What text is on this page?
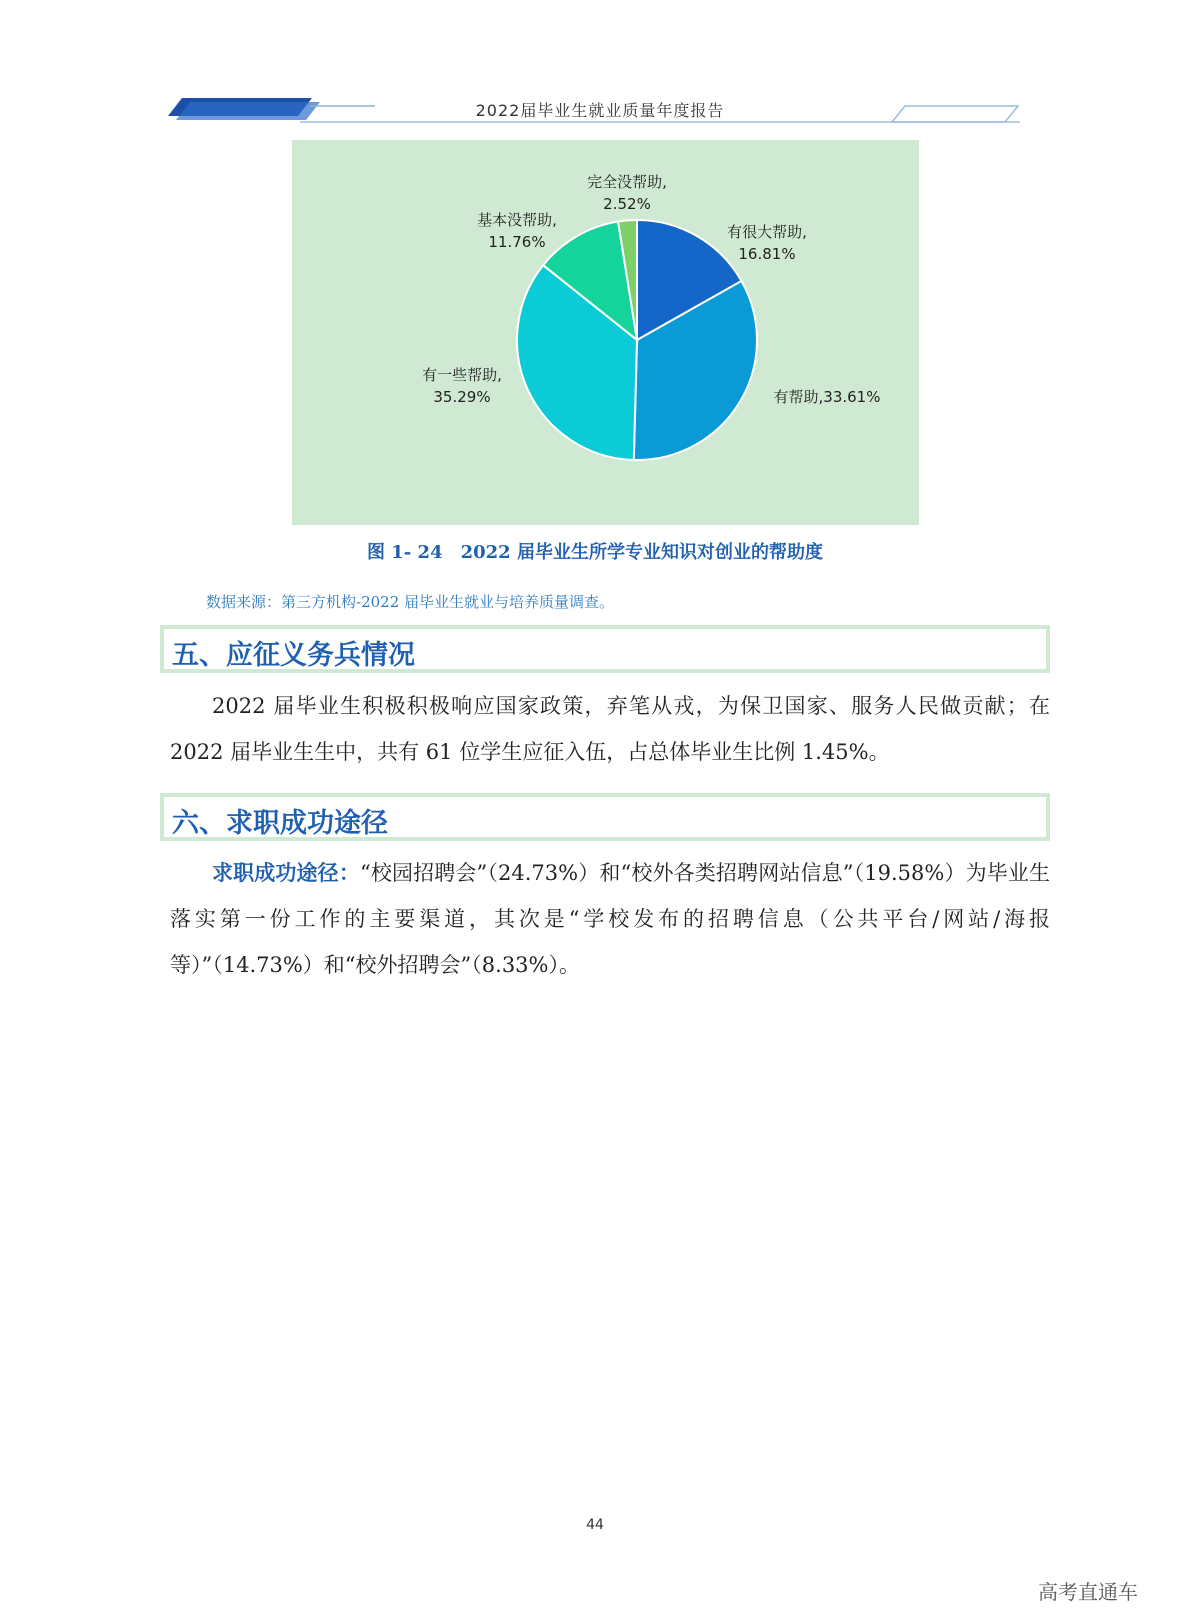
2022届毕业生就业质量年度报告
有很大帮助, 16.81%
有帮助,33.61%
有一些帮助, 35.29%
基本没帮助, 11.76%
完全没帮助, 2.52%
图 1- 24　2022 届毕业生所学专业知识对创业的帮助度
数据来源：第三方机构-2022 届毕业生就业与培养质量调查。
五、应征义务兵情况
2022 届毕业生积极积极响应国家政策，弃笔从戎，为保卫国家、服务人民做贡献；在 2022 届毕业生生中，共有 61 位学生应征入伍，占总体毕业生比例 1.45%。
六、求职成功途径
求职成功途径：“校园招聘会”（24.73%）和“校外各类招聘网站信息”（19.58%）为毕业生落实第一份工作的主要渠道，其次是“学校发布的招聘信息（公共平台/网站/海报等）”（14.73%）和“校外招聘会”（8.33%）。
44
高考直通车
